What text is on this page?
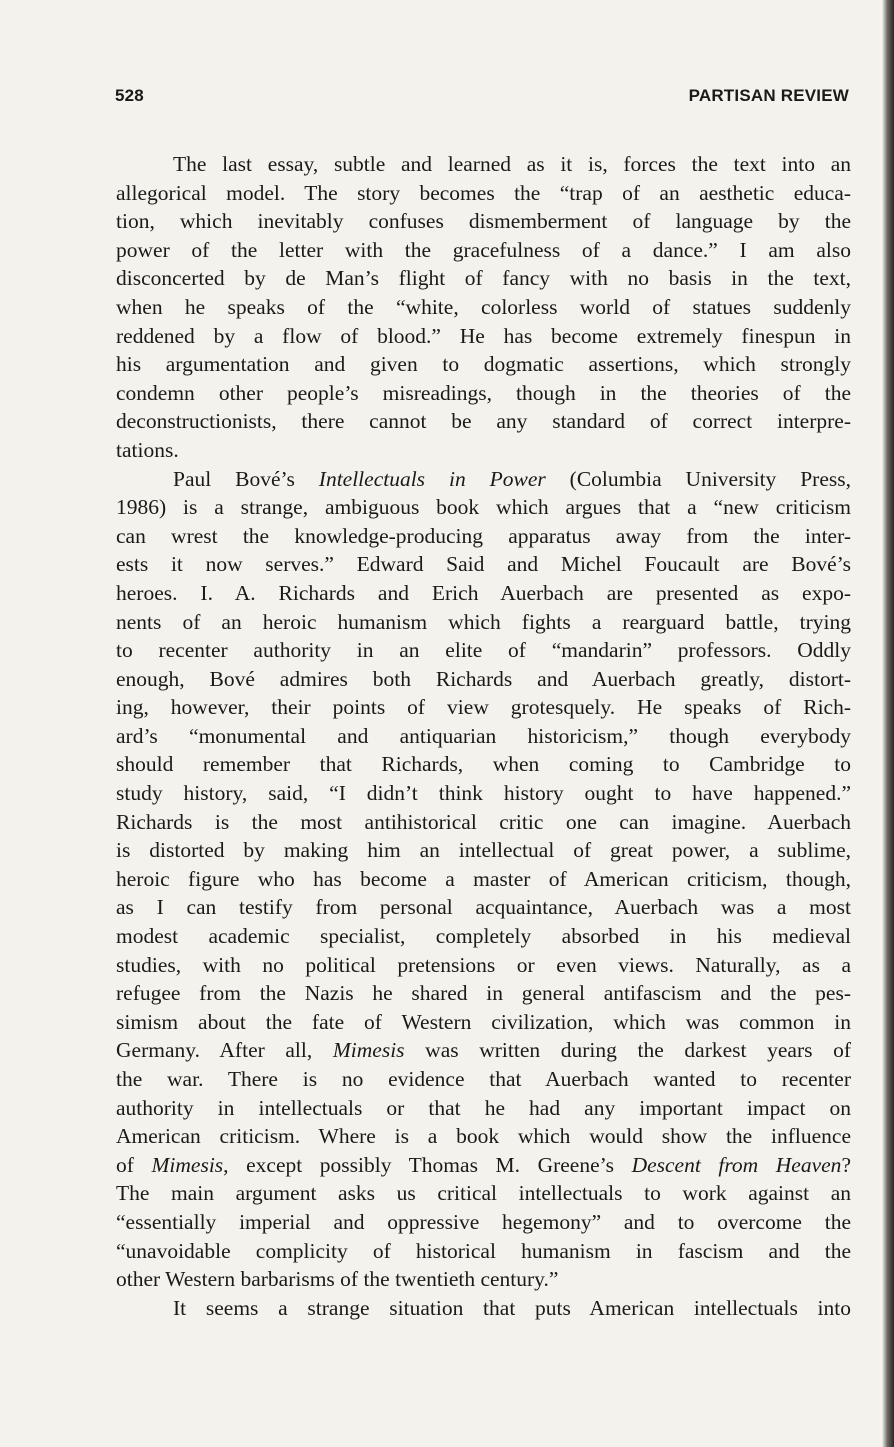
528	PARTISAN REVIEW
The last essay, subtle and learned as it is, forces the text into an
allegorical model. The story becomes the “trap of an aesthetic educa-
tion, which inevitably confuses dismemberment of language by the
power of the letter with the gracefulness of a dance.” I am also
disconcerted by de Man’s flight of fancy with no basis in the text,
when he speaks of the “white, colorless world of statues suddenly
reddened by a flow of blood.” He has become extremely finespun in
his argumentation and given to dogmatic assertions, which strongly
condemn other people’s misreadings, though in the theories of the
deconstructionists, there cannot be any standard of correct interpre-
tations.
Paul Bové’s Intellectuals in Power (Columbia University Press,
1986) is a strange, ambiguous book which argues that a “new criticism
can wrest the knowledge-producing apparatus away from the inter-
ests it now serves.” Edward Said and Michel Foucault are Bové’s
heroes. I. A. Richards and Erich Auerbach are presented as expo-
nents of an heroic humanism which fights a rearguard battle, trying
to recenter authority in an elite of “mandarin” professors. Oddly
enough, Bové admires both Richards and Auerbach greatly, distort-
ing, however, their points of view grotesquely. He speaks of Rich-
ard’s “monumental and antiquarian historicism,” though everybody
should remember that Richards, when coming to Cambridge to
study history, said, “I didn’t think history ought to have happened.”
Richards is the most antihistorical critic one can imagine. Auerbach
is distorted by making him an intellectual of great power, a sublime,
heroic figure who has become a master of American criticism, though,
as I can testify from personal acquaintance, Auerbach was a most
modest academic specialist, completely absorbed in his medieval
studies, with no political pretensions or even views. Naturally, as a
refugee from the Nazis he shared in general antifascism and the pes-
simism about the fate of Western civilization, which was common in
Germany. After all, Mimesis was written during the darkest years of
the war. There is no evidence that Auerbach wanted to recenter
authority in intellectuals or that he had any important impact on
American criticism. Where is a book which would show the influence
of Mimesis, except possibly Thomas M. Greene’s Descent from Heaven?
The main argument asks us critical intellectuals to work against an
“essentially imperial and oppressive hegemony” and to overcome the
“unavoidable complicity of historical humanism in fascism and the
other Western barbarisms of the twentieth century.”
It seems a strange situation that puts American intellectuals into
